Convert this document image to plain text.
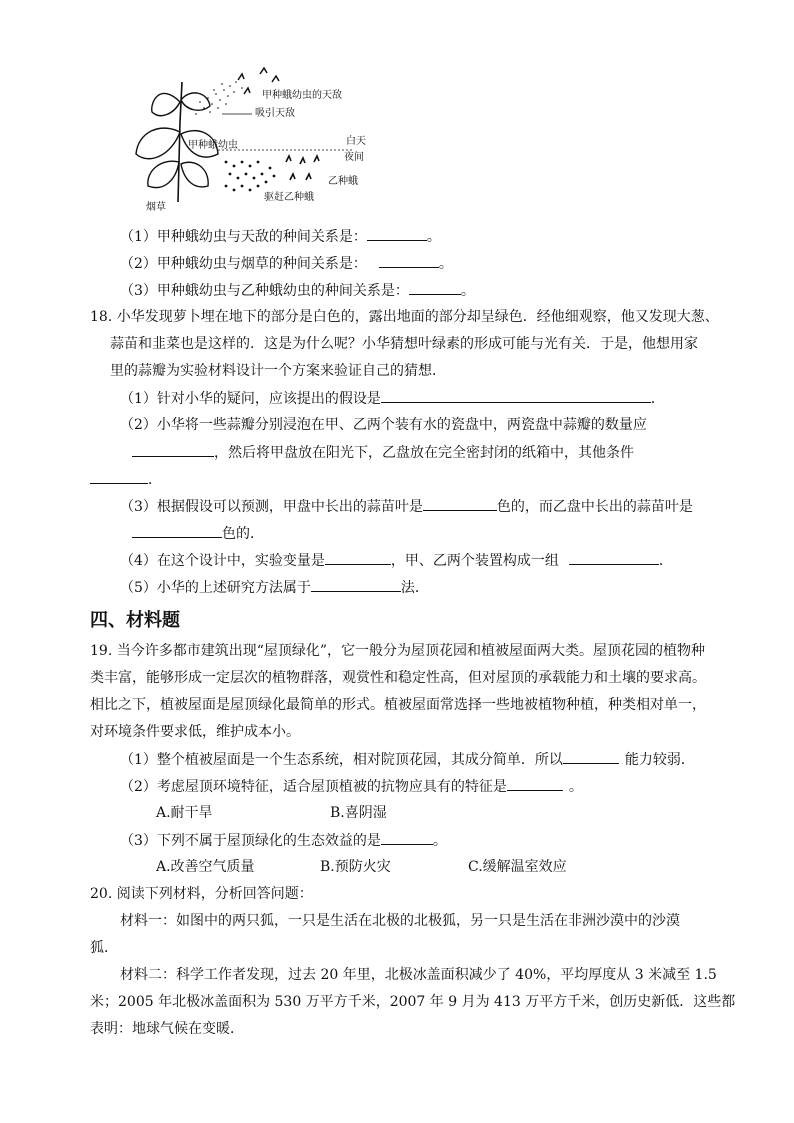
甲种蛾幼虫的天敌
吸引天敌
甲种蛾幼虫	白天
夜间
乙种蛾
驱赶乙种蛾
烟草
（1）甲种蛾幼虫与天敌的种间关系是：	。
（2）甲种蛾幼虫与烟草的种间关系是：	。
（3）甲种蛾幼虫与乙种蛾幼虫的种间关系是：	。
18. 小华发现萝卜埋在地下的部分是白色的，露出地面的部分却呈绿色．经他细观察，他又发现大葱、
蒜苗和韭菜也是这样的．这是为什么呢？小华猜想叶绿素的形成可能与光有关．于是，他想用家
里的蒜瓣为实验材料设计一个方案来验证自己的猜想．
（1）针对小华的疑问，应该提出的假设是	．
（2）小华将一些蒜瓣分别浸泡在甲、乙两个装有水的瓷盘中，两瓷盘中蒜瓣的数量应
，然后将甲盘放在阳光下，乙盘放在完全密封闭的纸箱中，其他条件
．
（3）根据假设可以预测，甲盘中长出的蒜苗叶是	色的，而乙盘中长出的蒜苗叶是
色的．
（4）在这个设计中，实验变量是	，甲、乙两个装置构成一组	．
（5）小华的上述研究方法属于	法．
四、材料题
19. 当今许多都市建筑出现“屋顶绿化”，它一般分为屋顶花园和植被屋面两大类。屋顶花园的植物种
类丰富，能够形成一定层次的植物群落，观赏性和稳定性高，但对屋顶的承载能力和土壤的要求高。
相比之下，植被屋面是屋顶绿化最简单的形式。植被屋面常选择一些地被植物种植，种类相对单一，
对环境条件要求低，维护成本小。
（1）整个植被屋面是一个生态系统，相对院顶花园，其成分简单．所以	能力较弱．
（2）考虑屋顶环境特征，适合屋顶植被的抗物应具有的特征是	。
A.耐干旱	B.喜阴湿
（3）下列不属于屋顶绿化的生态效益的是	。
A.改善空气质量	B.预防火灾	C.缓解温室效应
20. 阅读下列材料，分析回答问题：
材料一：如图中的两只狐，一只是生活在北极的北极狐，另一只是生活在非洲沙漠中的沙漠
狐．
材料二：科学工作者发现，过去 20 年里，北极冰盖面积减少了 40%，平均厚度从 3 米减至 1.5
米；2005 年北极冰盖面积为 530 万平方千米，2007 年 9 月为 413 万平方千米，创历史新低．这些都
表明：地球气候在变暖．
